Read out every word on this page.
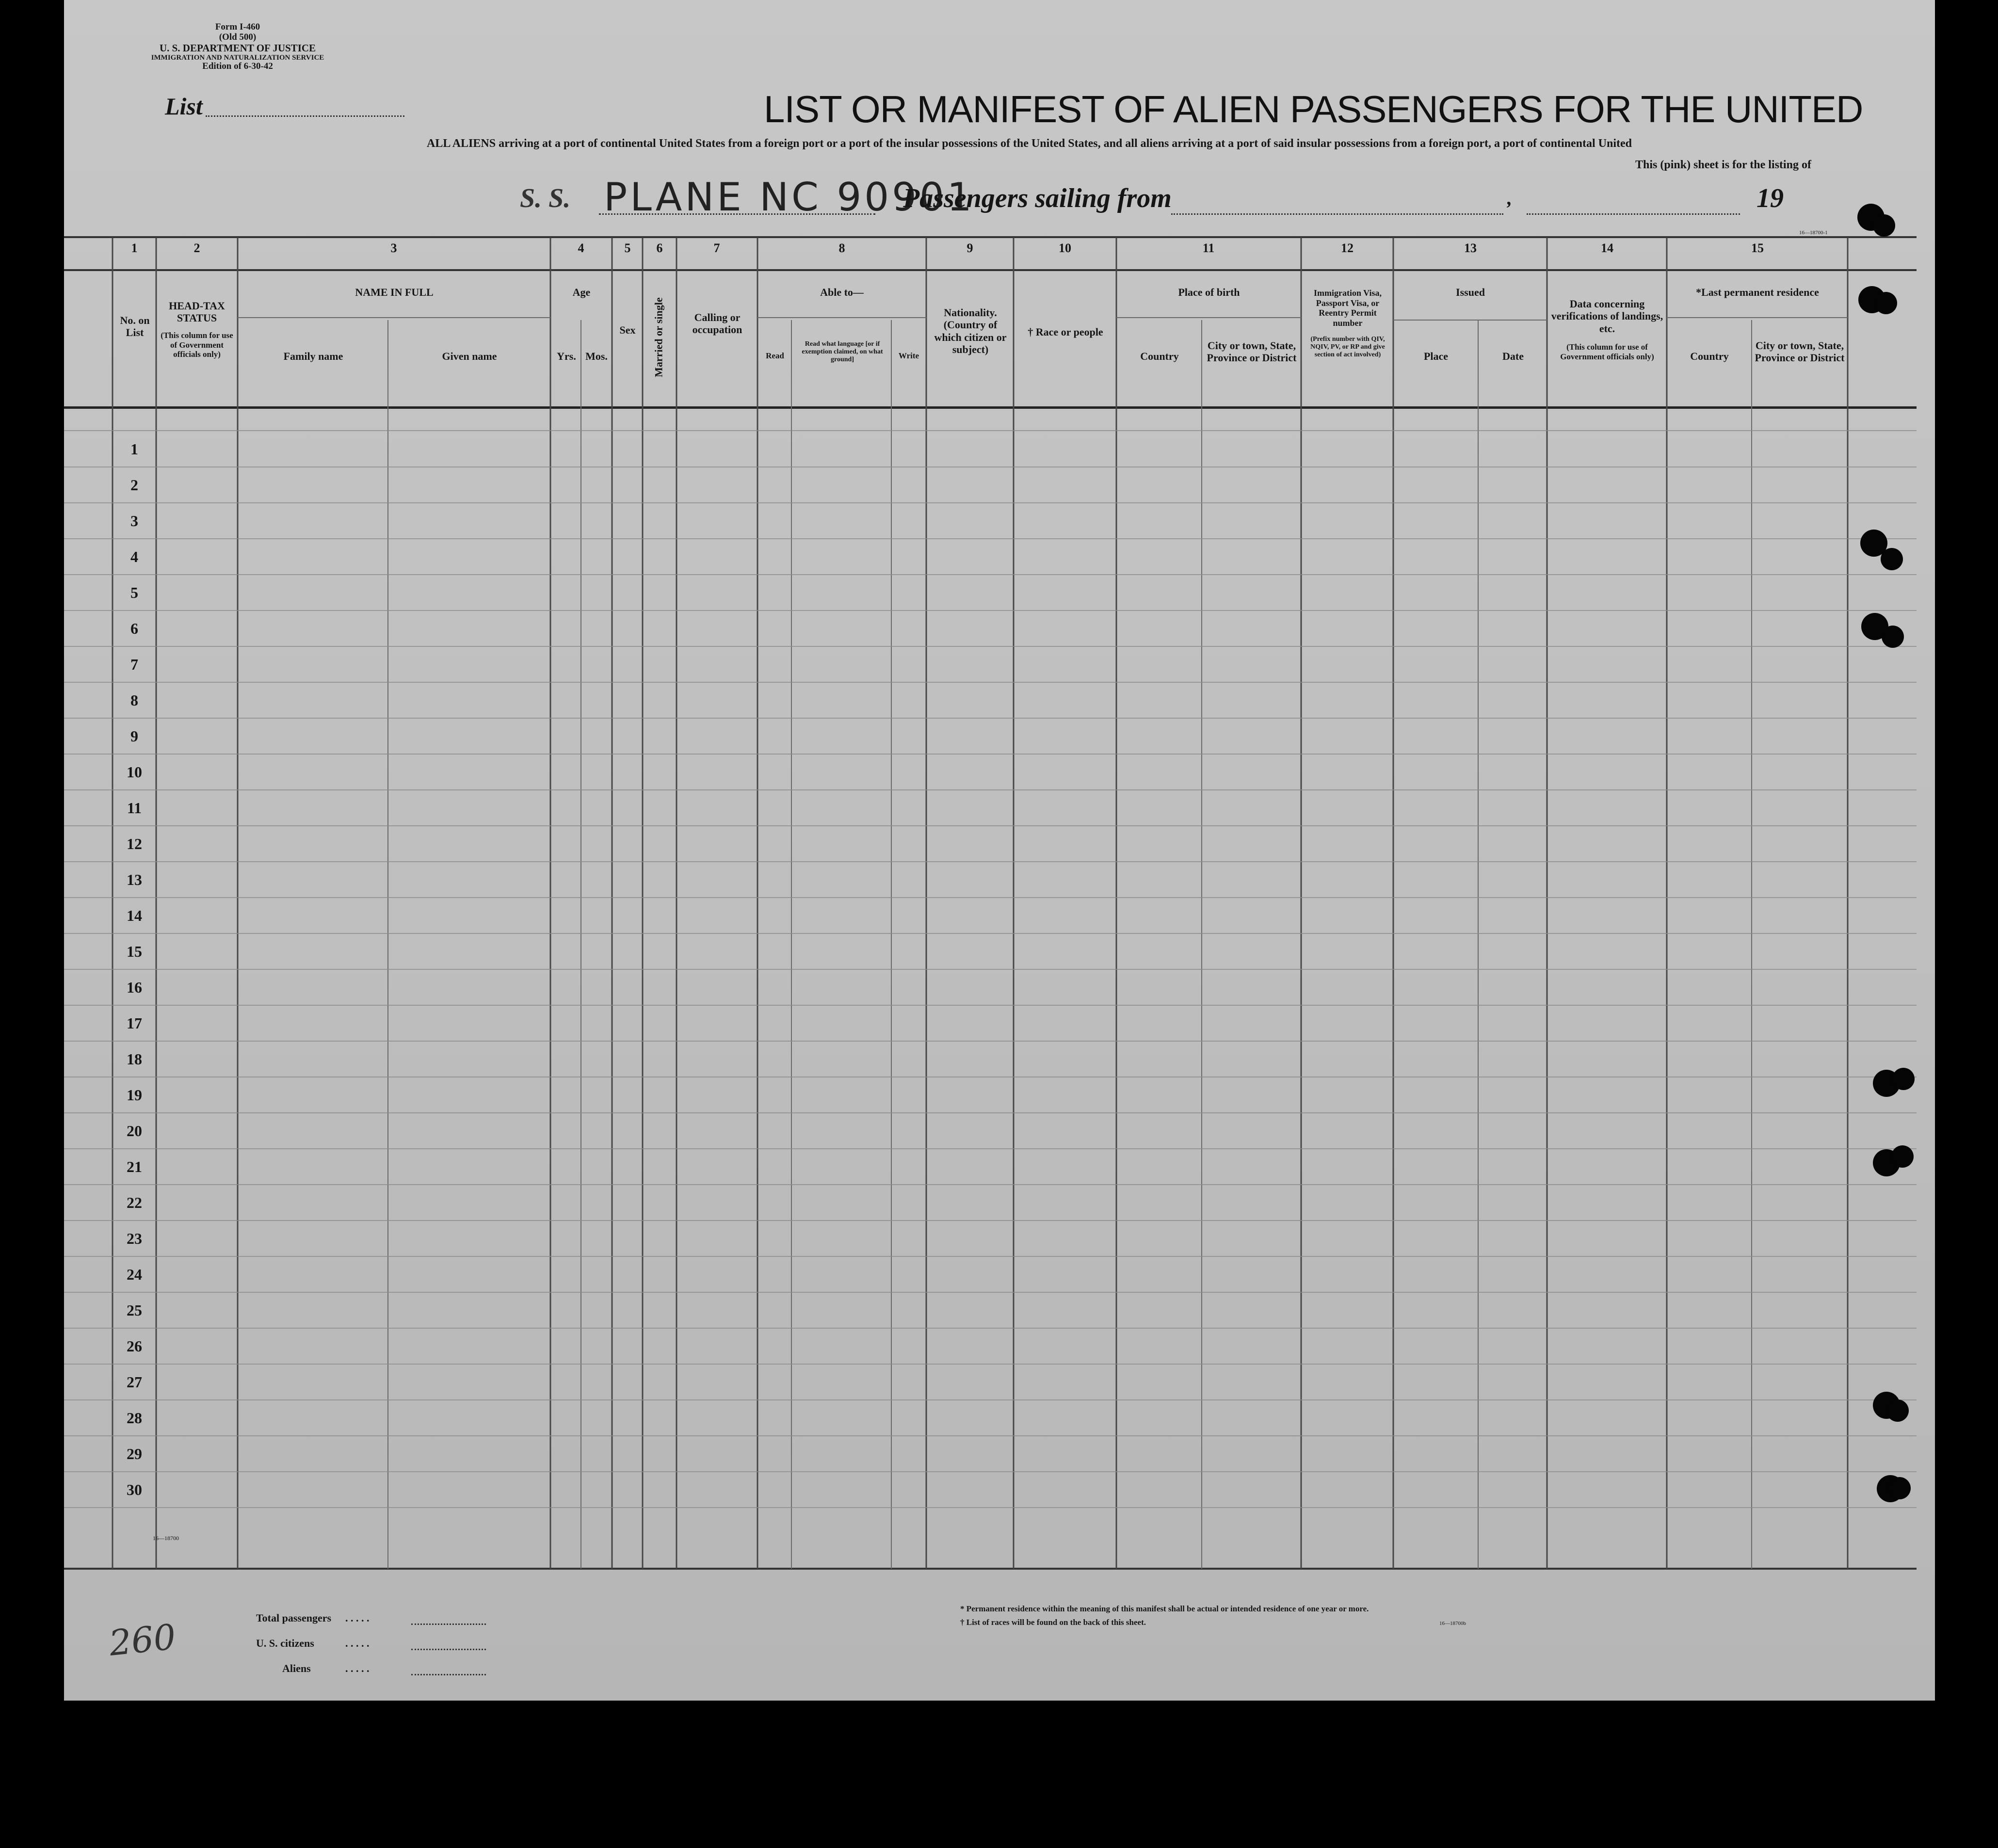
Form I-460
(Old 500)
U. S. DEPARTMENT OF JUSTICE
IMMIGRATION AND NATURALIZATION SERVICE
Edition of 6-30-42
List	LIST OR MANIFEST OF ALIEN PASSENGERS FOR THE UNITED
ALL ALIENS arriving at a port of continental United States from a foreign port or a port of the insular possessions of the United States, and all aliens arriving at a port of said insular possessions from a foreign port, a port of continental United
This (pink) sheet is for the listing of
S. S. PLANE NC 90901
Passengers sailing from	,	19
16—18700-1
1	2	3	4	5	6	7	8	9	10	11	12	13	14	15
No. on List
HEAD-TAX STATUS
(This column for use of Government officials only)
NAME IN FULL
Family name	Given name
Age
Yrs. Mos.
Sex	Married or single	Calling or occupation
Able to—
Read
Read what language [or if exemption claimed, on what ground]	Write
Nationality. (Country of which citizen or subject)
† Race or people
Place of birth
Country
City or town, State, Province or District
Immigration Visa, Passport Visa, or Reentry Permit number
(Prefix number with QIV, NQIV, PV, or RP and give section of act involved)
Issued
Place	Date
Data concerning verifications of landings, etc.
(This column for use of Government officials only)
*Last permanent residence
Country
City or town, State, Province or District
1
2
3
4
5
6
7
8
9
10
11
12
13
14
15
16
17
18
19
20
21
22
23
24
25
26
27
28
29
30
16—18700
Total passengers . . . . .
U. S. citizens	. . . . .
Aliens	. . . . .
260
* Permanent residence within the meaning of this manifest shall be actual or intended residence of one year or more.
† List of races will be found on the back of this sheet.	16—18700b
